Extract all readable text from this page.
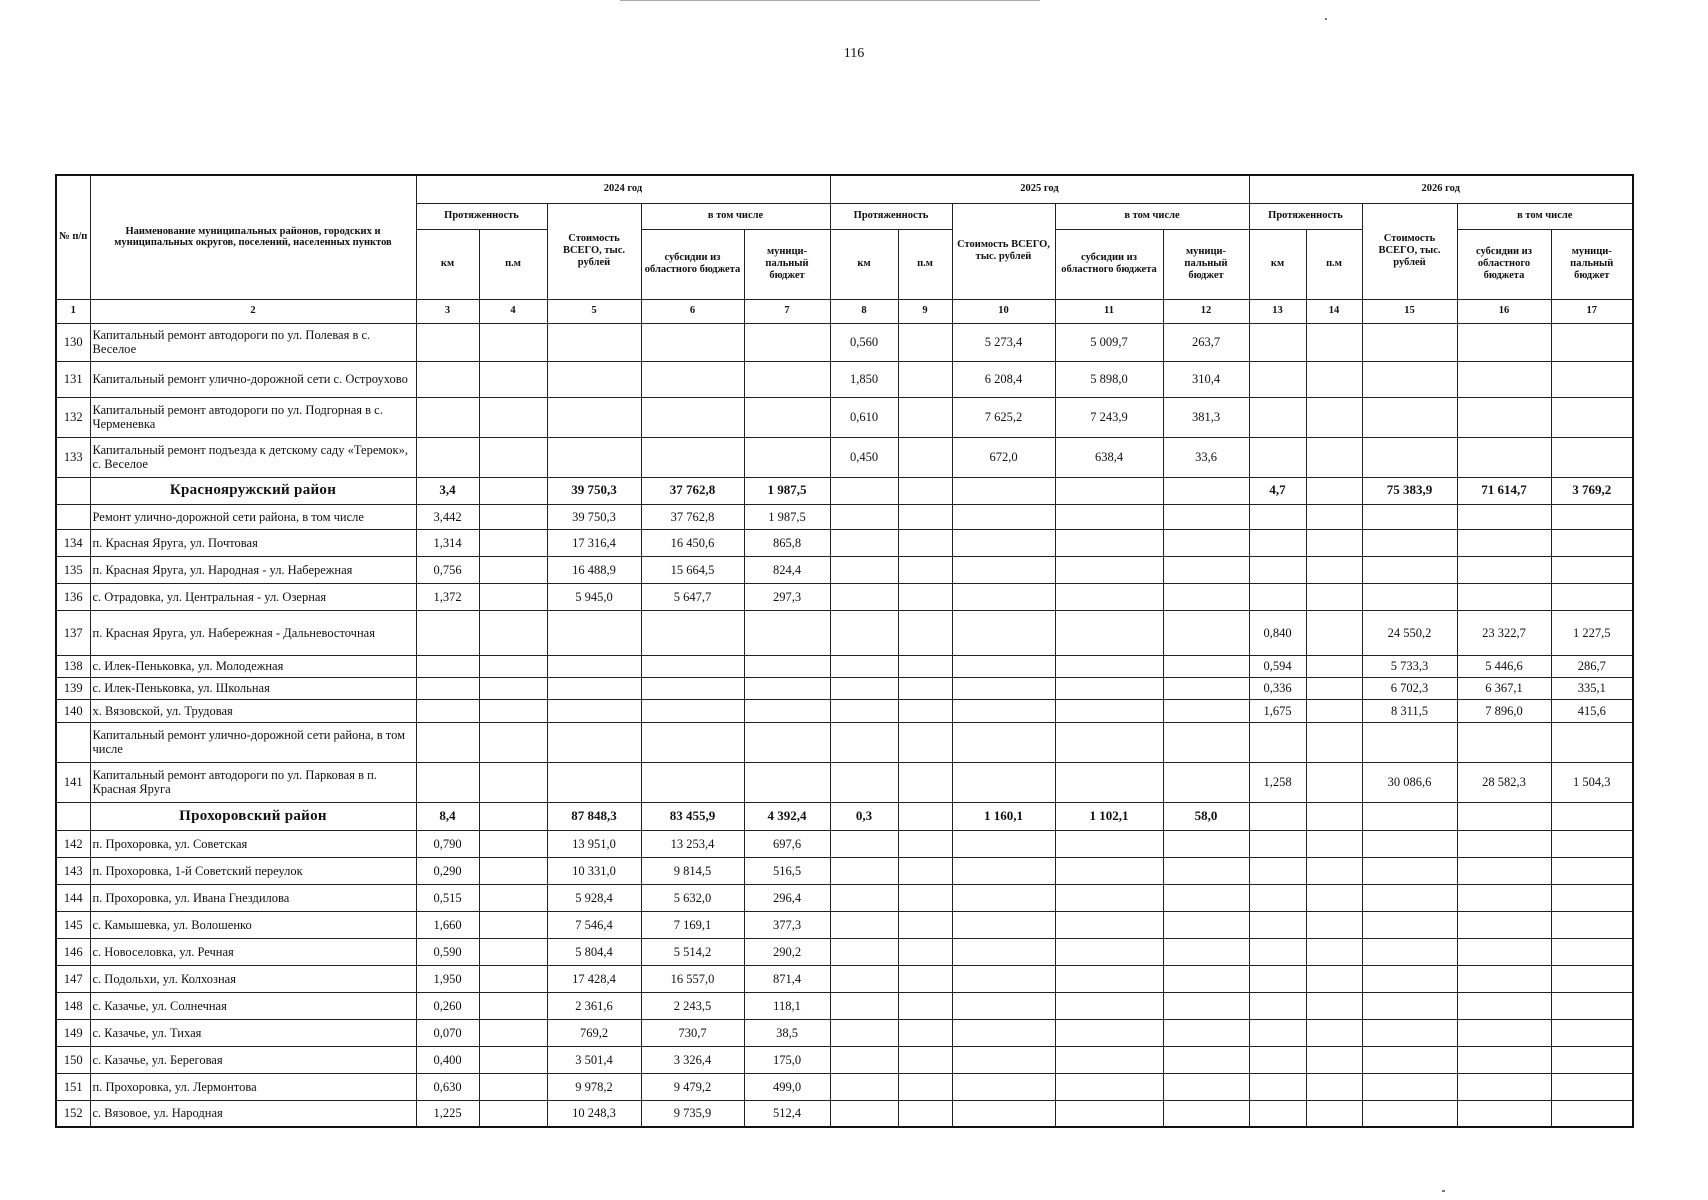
116
№ п/п	Наименование муниципальных районов, городских и муниципальных округов, поселений, населенных пунктов	2024 год					2025 год					2026 год				
		Протяженность		Стоимость ВСЕГО, тыс. рублей	в том числе		Протяженность		Стоимость ВСЕГО, тыс. рублей	в том числе		Протяженность		Стоимость ВСЕГО, тыс. рублей	в том числе	
		км	п.м		субсидии из областного бюджета	муници-пальный бюджет	км	п.м		субсидии из областного бюджета	муници-пальный бюджет	км	п.м		субсидии из областного бюджета	муници-пальный бюджет
1	2	3	4	5	6	7	8	9	10	11	12	13	14	15	16	17
130	Капитальный ремонт автодороги по ул. Полевая в с. Веселое						0,560		5 273,4	5 009,7	263,7					
131	Капитальный ремонт улично-дорожной сети с. Остроухово						1,850		6 208,4	5 898,0	310,4					
132	Капитальный ремонт автодороги по ул. Подгорная в с. Черменевка						0,610		7 625,2	7 243,9	381,3					
133	Капитальный ремонт подъезда к детскому саду «Теремок», с. Веселое						0,450		672,0	638,4	33,6					
	Краснояружский район	3,4		39 750,3	37 762,8	1 987,5						4,7		75 383,9	71 614,7	3 769,2
	Ремонт улично-дорожной сети района, в том числе	3,442		39 750,3	37 762,8	1 987,5										
134	п. Красная Яруга, ул. Почтовая	1,314		17 316,4	16 450,6	865,8										
135	п. Красная Яруга, ул. Народная - ул. Набережная	0,756		16 488,9	15 664,5	824,4										
136	с. Отрадовка, ул. Центральная - ул. Озерная	1,372		5 945,0	5 647,7	297,3										
137	п. Красная Яруга, ул. Набережная - Дальневосточная											0,840		24 550,2	23 322,7	1 227,5
138	с. Илек-Пеньковка, ул. Молодежная											0,594		5 733,3	5 446,6	286,7
139	с. Илек-Пеньковка, ул. Школьная											0,336		6 702,3	6 367,1	335,1
140	х. Вязовской, ул. Трудовая											1,675		8 311,5	7 896,0	415,6
	Капитальный ремонт улично-дорожной сети района, в том числе															
141	Капитальный ремонт автодороги по ул. Парковая в п. Красная Яруга											1,258		30 086,6	28 582,3	1 504,3
	Прохоровский район	8,4		87 848,3	83 455,9	4 392,4	0,3		1 160,1	1 102,1	58,0					
142	п. Прохоровка, ул. Советская	0,790		13 951,0	13 253,4	697,6										
143	п. Прохоровка, 1-й Советский переулок	0,290		10 331,0	9 814,5	516,5										
144	п. Прохоровка, ул. Ивана Гнездилова	0,515		5 928,4	5 632,0	296,4										
145	с. Камышевка, ул. Волошенко	1,660		7 546,4	7 169,1	377,3										
146	с. Новоселовка, ул. Речная	0,590		5 804,4	5 514,2	290,2										
147	с. Подольхи, ул. Колхозная	1,950		17 428,4	16 557,0	871,4										
148	с. Казачье, ул. Солнечная	0,260		2 361,6	2 243,5	118,1										
149	с. Казачье, ул. Тихая	0,070		769,2	730,7	38,5										
150	с. Казачье, ул. Береговая	0,400		3 501,4	3 326,4	175,0										
151	п. Прохоровка, ул. Лермонтова	0,630		9 978,2	9 479,2	499,0										
152	с. Вязовое, ул. Народная	1,225		10 248,3	9 735,9	512,4										
